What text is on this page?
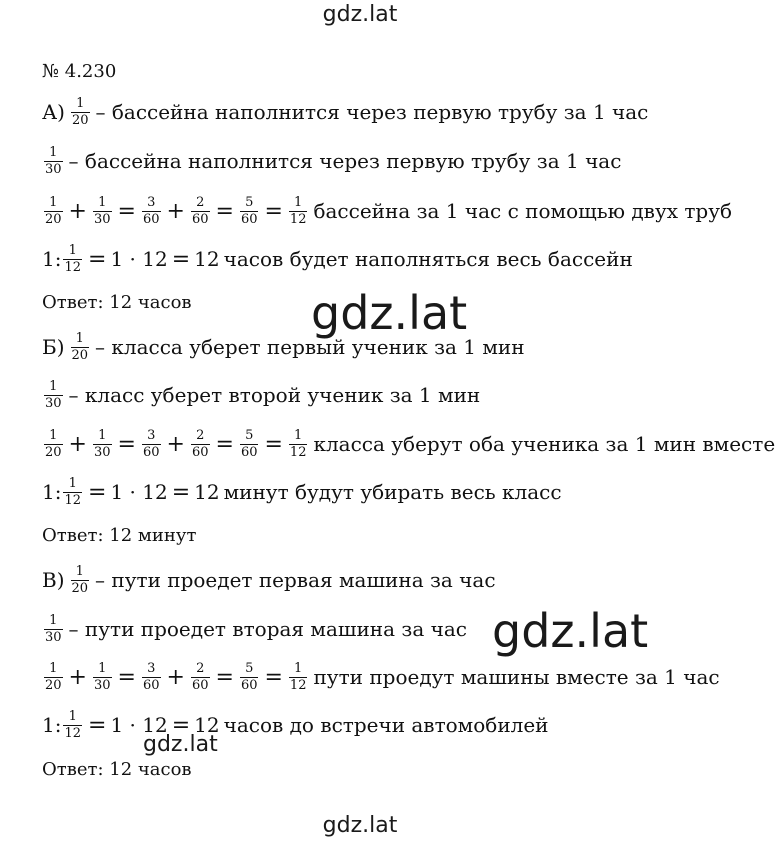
gdz.lat
№ 4.230
$А) \frac{1}{20}$ – бассейна наполнится через первую трубу за 1 час
$\frac{1}{30}$ – бассейна наполнится через первую трубу за 1 час
$\frac{1}{20} + \frac{1}{30} = \frac{3}{60} + \frac{2}{60} = \frac{5}{60} = \frac{1}{12}$ бассейна за 1 час с помощью двух труб
1: $\frac{1}{12} = 1 \cdot 12 = 12$ часов будет наполняться весь бассейн
Ответ: 12 часов
$Б) \frac{1}{20}$ – класса уберет первый ученик за 1 мин
$\frac{1}{30}$ – класс уберет второй ученик за 1 мин
$\frac{1}{20} + \frac{1}{30} = \frac{3}{60} + \frac{2}{60} = \frac{5}{60} = \frac{1}{12}$ класса уберут оба ученика за 1 мин вместе
1: $\frac{1}{12} = 1 \cdot 12 = 12$ минут будут убирать весь класс
Ответ: 12 минут
$В) \frac{1}{20}$ – пути проедет первая машина за час
$\frac{1}{30}$ – пути проедет вторая машина за час
$\frac{1}{20} + \frac{1}{30} = \frac{3}{60} + \frac{2}{60} = \frac{5}{60} = \frac{1}{12}$ пути проедут машины вместе за 1 час
1: $\frac{1}{12} = 1 \cdot 12 = 12$ часов до встречи автомобилей
Ответ: 12 часов
gdz.lat
gdz.lat
gdz.lat
gdz.lat
